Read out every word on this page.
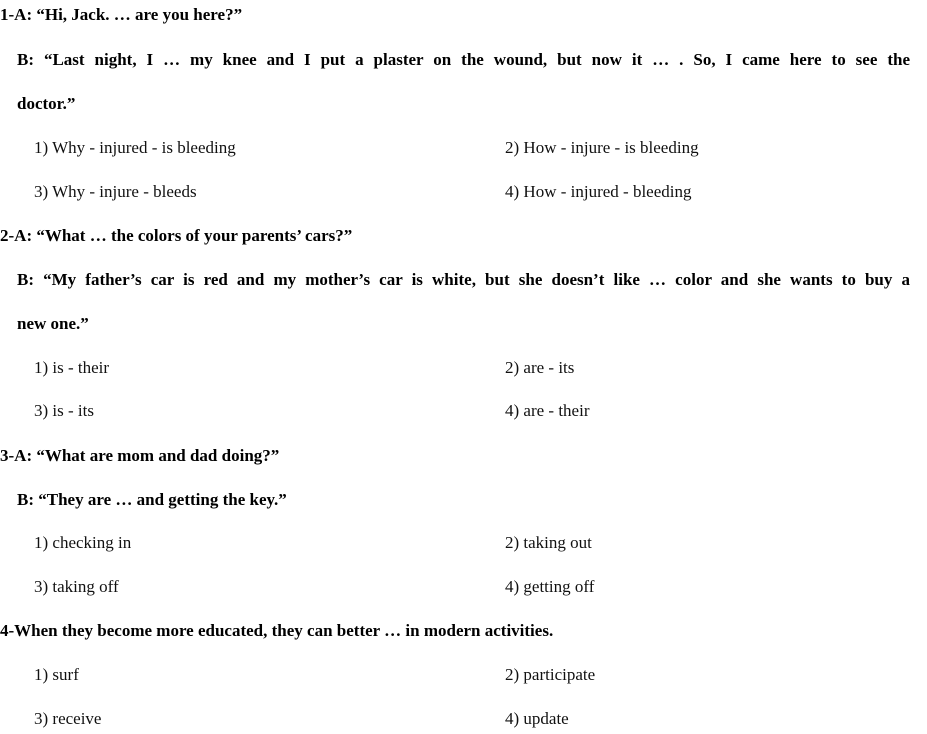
1-A: “Hi, Jack. … are you here?”
B: “Last night, I … my knee and I put a plaster on the wound, but now it … . So, I came here to see the
doctor.”
1) Why - injured - is bleeding	2) How - injure - is bleeding
3) Why - injure - bleeds	4) How - injured - bleeding
2-A: “What … the colors of your parents’ cars?”
B: “My father’s car is red and my mother’s car is white, but she doesn’t like … color and she wants to buy a
new one.”
1) is - their	2) are - its
3) is - its	4) are - their
3-A: “What are mom and dad doing?”
B: “They are … and getting the key.”
1) checking in	2) taking out
3) taking off	4) getting off
4-When they become more educated, they can better … in modern activities.
1) surf	2) participate
3) receive	4) update
